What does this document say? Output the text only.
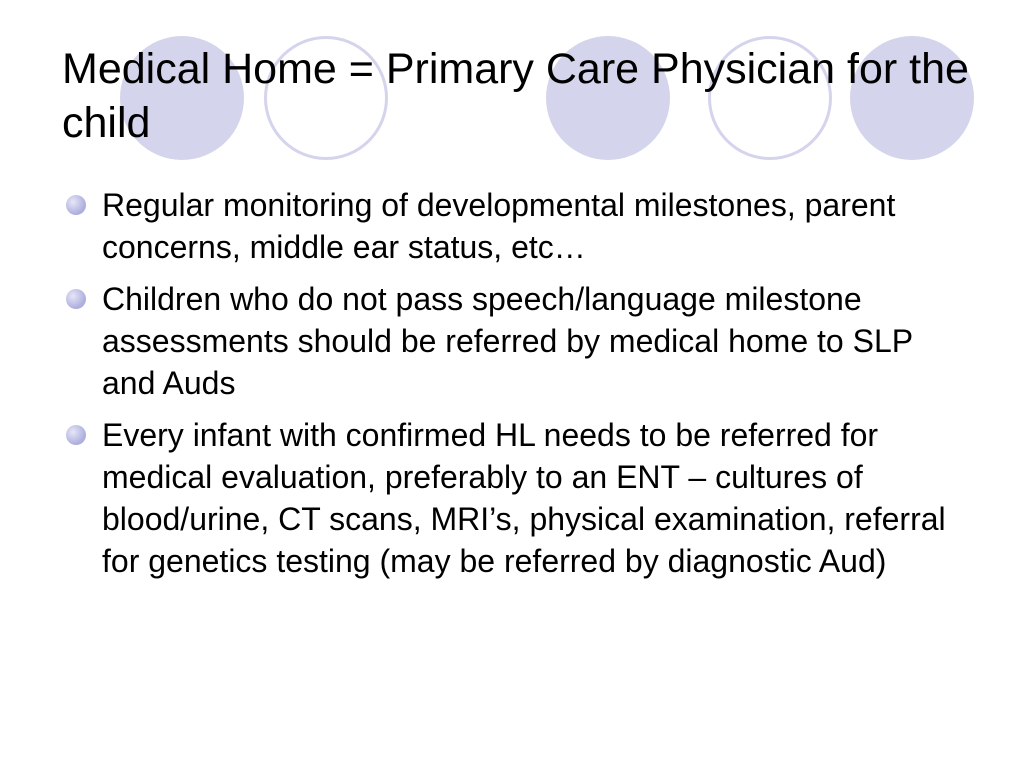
Medical Home = Primary Care Physician for the child
Regular monitoring of developmental milestones, parent concerns, middle ear status, etc…
Children who do not pass speech/language milestone assessments should be referred by medical home to SLP and Auds
Every infant with confirmed HL needs to be referred for medical evaluation, preferably to an ENT – cultures of blood/urine, CT scans, MRI’s, physical examination, referral for genetics testing (may be referred by diagnostic Aud)
